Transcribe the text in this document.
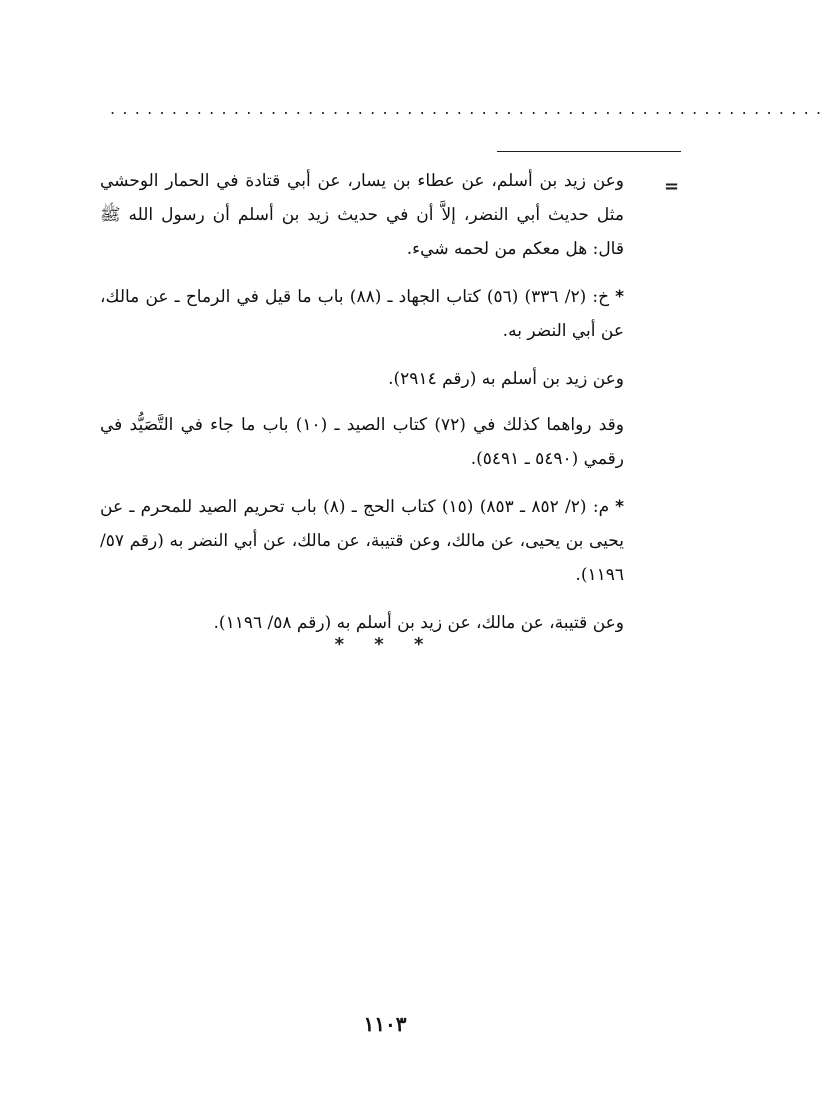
..........................................................
=

وعن زيد بن أسلم، عن عطاء بن يسار، عن أبي قتادة في الحمار الوحشي مثل حديث أبي النضر، إلاَّ أن في حديث زيد بن أسلم أن رسول الله ﷺ قال: هل معكم من لحمه شيء.

*خ: (٢/ ٣٣٦) (٥٦) كتاب الجهاد ـ (٨٨) باب ما قيل في الرماح ـ عن مالك، عن أبي النضر به.

وعن زيد بن أسلم به (رقم ٢٩١٤).

وقد رواهما كذلك في (٧٢) كتاب الصيد ـ (١٠) باب ما جاء في التَّصَيُّد في رقمي (٥٤٩٠ ـ ٥٤٩١).

*م: (٢/ ٨٥٢ ـ ٨٥٣) (١٥) كتاب الحج ـ (٨) باب تحريم الصيد للمحرم ـ عن يحيى بن يحيى، عن مالك، وعن قتيبة، عن مالك، عن أبي النضر به (رقم ٥٧/ ١١٩٦).

وعن قتيبة، عن مالك، عن زيد بن أسلم به (رقم ٥٨/ ١١٩٦).

* * *
١١٠٣
